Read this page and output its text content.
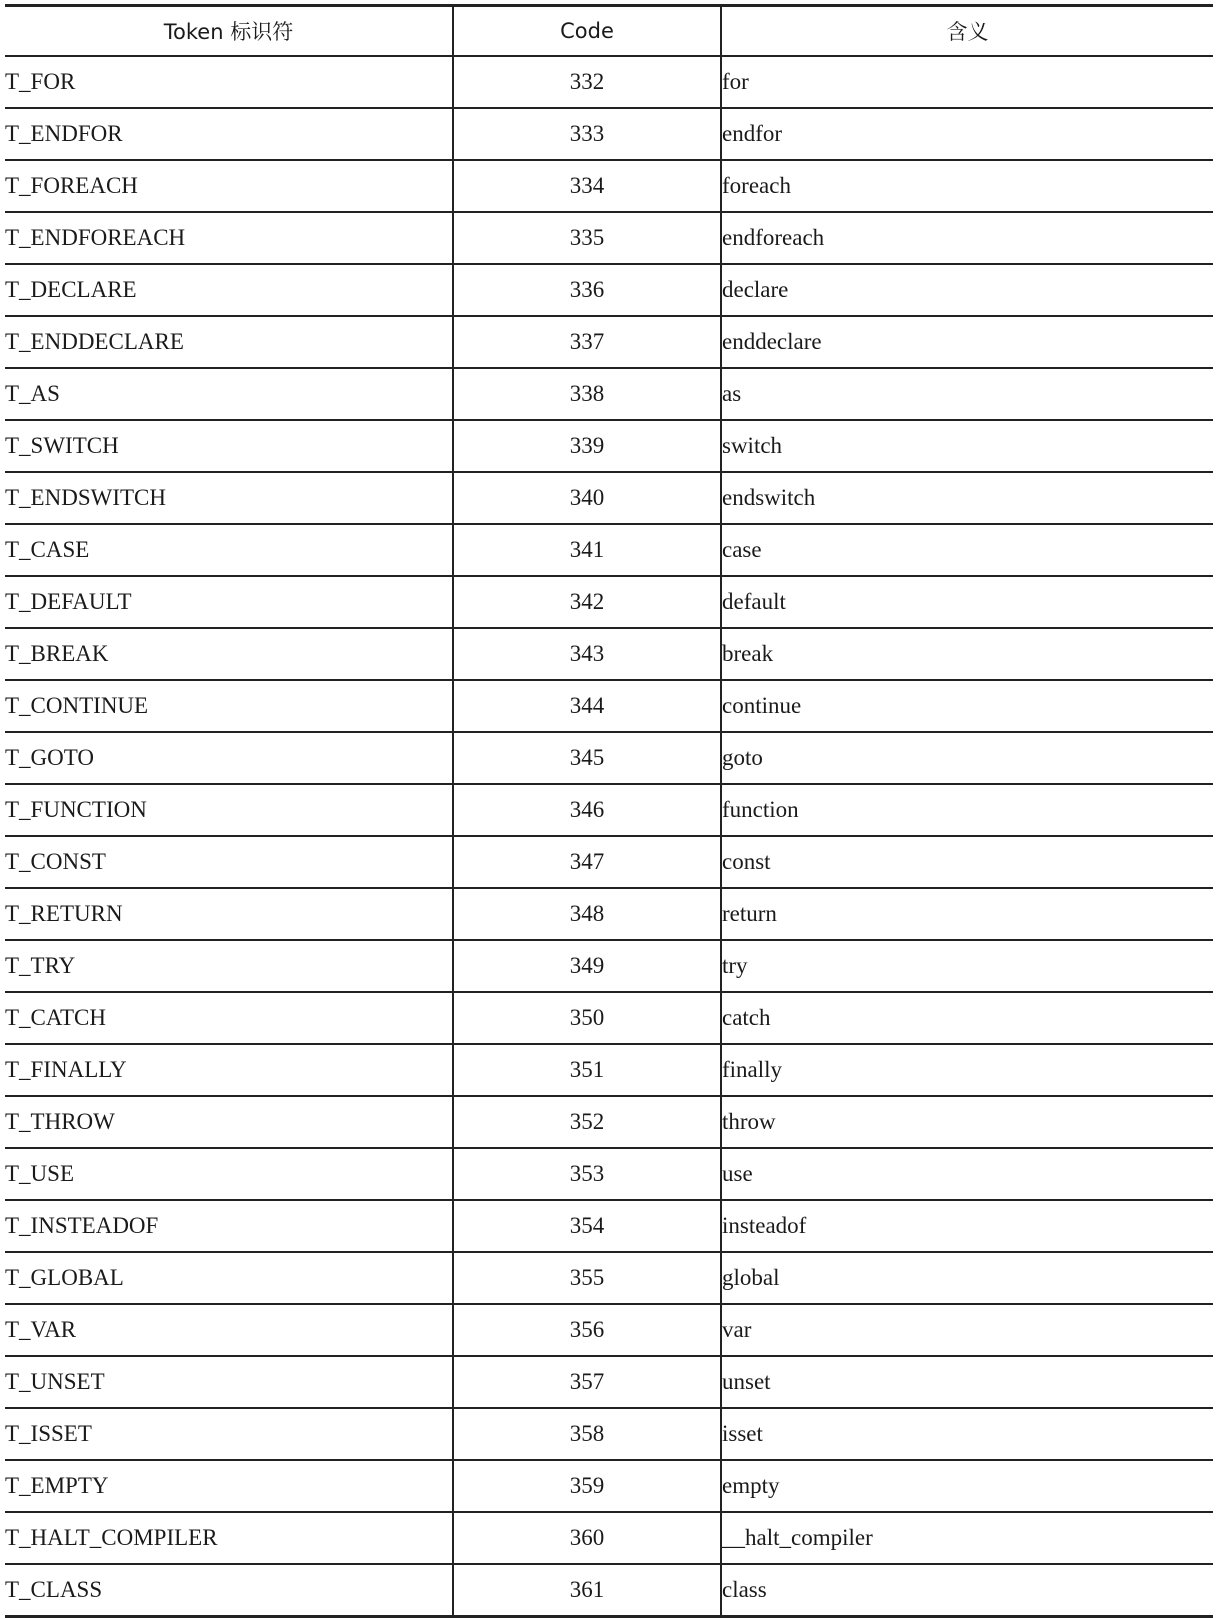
Token 标识符	Code	含义
T_FOR	332	for
T_ENDFOR	333	endfor
T_FOREACH	334	foreach
T_ENDFOREACH	335	endforeach
T_DECLARE	336	declare
T_ENDDECLARE	337	enddeclare
T_AS	338	as
T_SWITCH	339	switch
T_ENDSWITCH	340	endswitch
T_CASE	341	case
T_DEFAULT	342	default
T_BREAK	343	break
T_CONTINUE	344	continue
T_GOTO	345	goto
T_FUNCTION	346	function
T_CONST	347	const
T_RETURN	348	return
T_TRY	349	try
T_CATCH	350	catch
T_FINALLY	351	finally
T_THROW	352	throw
T_USE	353	use
T_INSTEADOF	354	insteadof
T_GLOBAL	355	global
T_VAR	356	var
T_UNSET	357	unset
T_ISSET	358	isset
T_EMPTY	359	empty
T_HALT_COMPILER	360	__halt_compiler
T_CLASS	361	class
